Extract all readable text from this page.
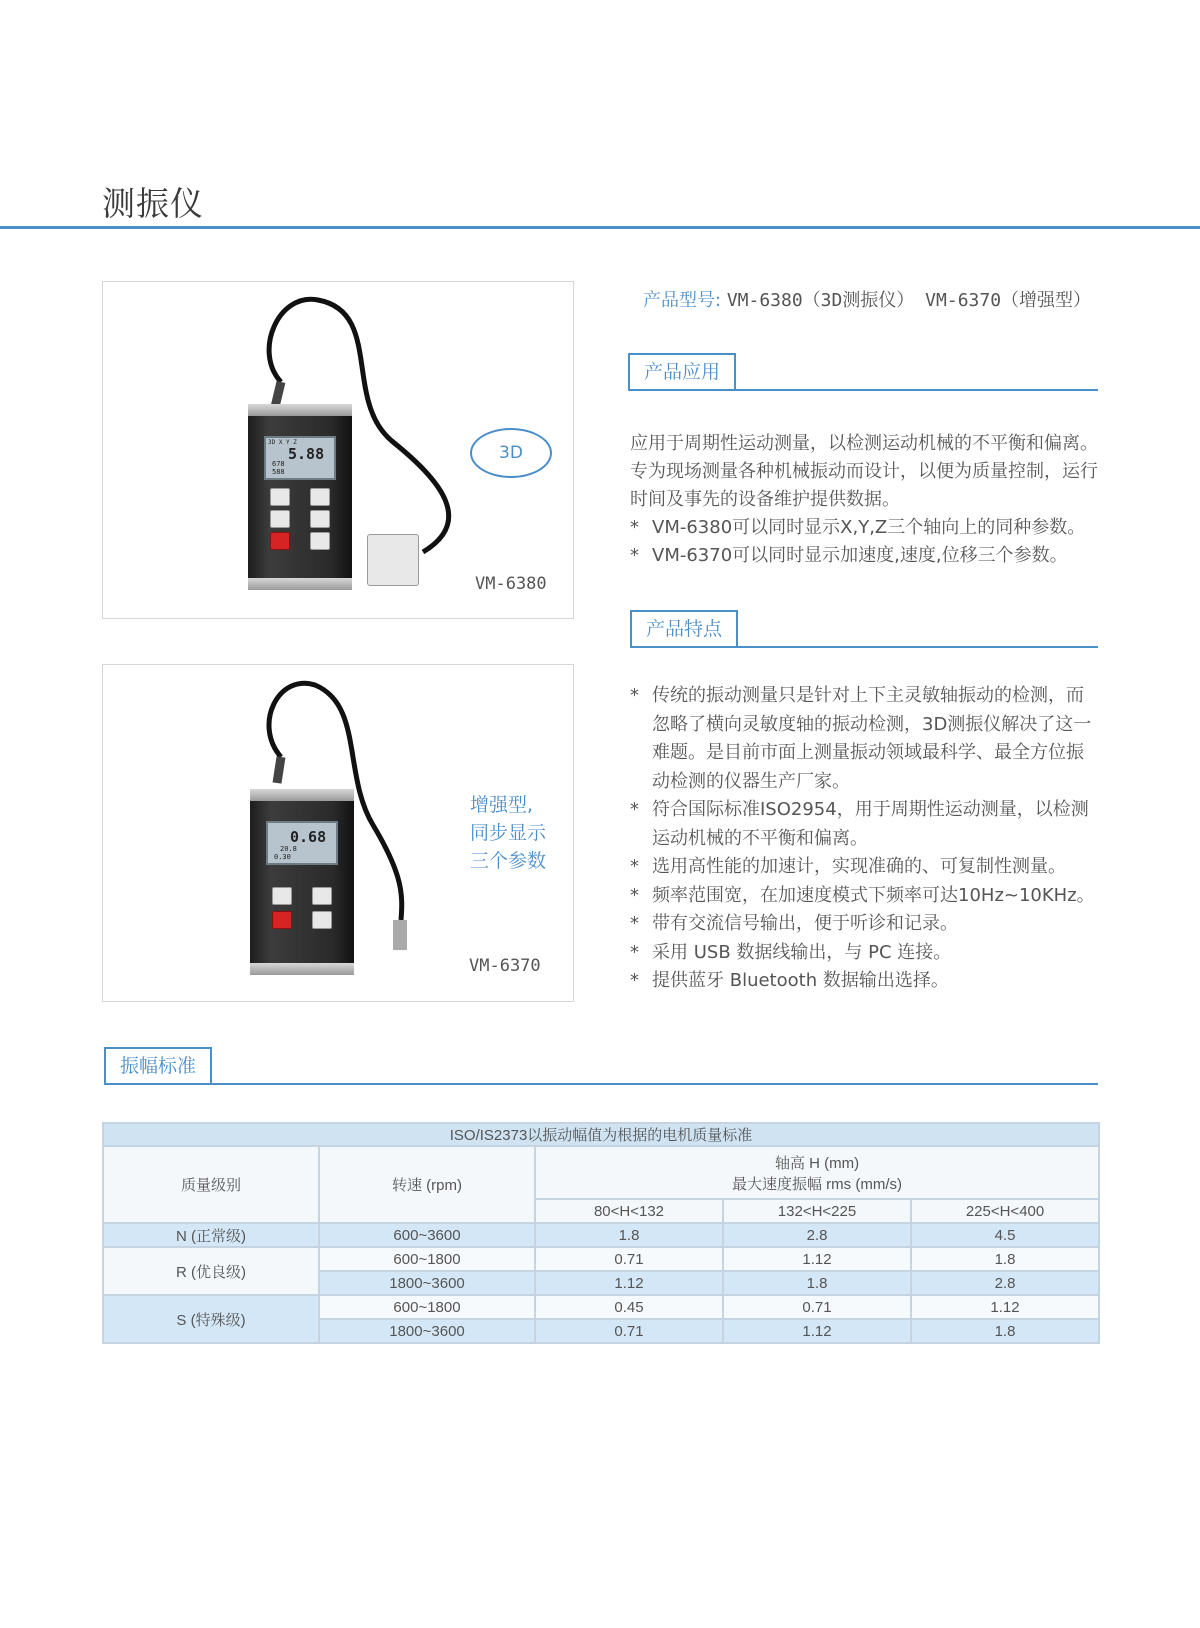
测振仪
3D X Y Z
5.88
678
588
VM-6380
3D
0.68
20.8
0.30
VM-6370
增强型,
同步显示
三个参数
产品型号: VM-6380（3D测振仪） VM-6370（增强型）
产品应用
应用于周期性运动测量，以检测运动机械的不平衡和偏离。专为现场测量各种机械振动而设计，以便为质量控制，运行时间及事先的设备维护提供数据。
* VM-6380可以同时显示X,Y,Z三个轴向上的同种参数。
* VM-6370可以同时显示加速度,速度,位移三个参数。
产品特点
* 传统的振动测量只是针对上下主灵敏轴振动的检测，而忽略了横向灵敏度轴的振动检测，3D测振仪解决了这一难题。是目前市面上测量振动领域最科学、最全方位振动检测的仪器生产厂家。
* 符合国际标准ISO2954，用于周期性运动测量，以检测运动机械的不平衡和偏离。
* 选用高性能的加速计，实现准确的、可复制性测量。
* 频率范围宽，在加速度模式下频率可达10Hz~10KHz。
* 带有交流信号输出，便于听诊和记录。
* 采用 USB 数据线输出，与 PC 连接。
* 提供蓝牙 Bluetooth 数据输出选择。
振幅标准
ISO/IS2373以振动幅值为根据的电机质量标准				
质量级别	转速 (rpm)	轴高 H (mm)
最大速度振幅 rms (mm/s)		

		80<H<132	132<H<225	225<H<400
N (正常级)	600~3600	1.8	2.8	4.5
R (优良级)	600~1800	0.71	1.12	1.8
	1800~3600	1.12	1.8	2.8
S (特殊级)	600~1800	0.45	0.71	1.12
	1800~3600	0.71	1.12	1.8
